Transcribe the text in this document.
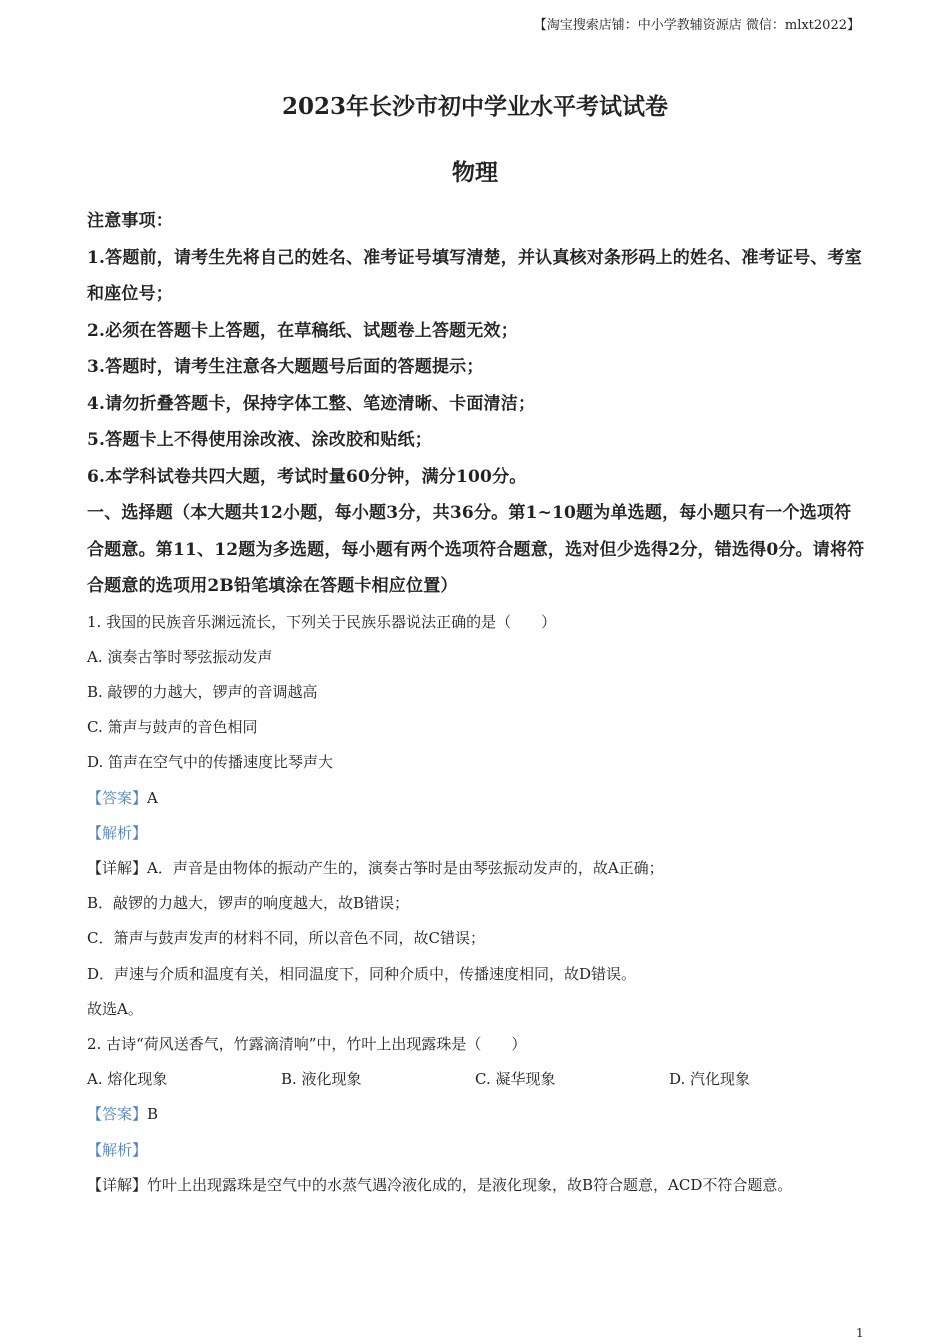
【淘宝搜索店铺：中小学教辅资源店 微信：mlxt2022】
2023年长沙市初中学业水平考试试卷
物理
注意事项：
1.答题前，请考生先将自己的姓名、准考证号填写清楚，并认真核对条形码上的姓名、准考证号、考室和座位号；
2.必须在答题卡上答题，在草稿纸、试题卷上答题无效；
3.答题时，请考生注意各大题题号后面的答题提示；
4.请勿折叠答题卡，保持字体工整、笔迹清晰、卡面清洁；
5.答题卡上不得使用涂改液、涂改胶和贴纸；
6.本学科试卷共四大题，考试时量60分钟，满分100分。
一、选择题（本大题共12小题，每小题3分，共36分。第1~10题为单选题，每小题只有一个选项符合题意。第11、12题为多选题，每小题有两个选项符合题意，选对但少选得2分，错选得0分。请将符合题意的选项用2B铅笔填涂在答题卡相应位置）
1. 我国的民族音乐渊远流长，下列关于民族乐器说法正确的是（　　）
A. 演奏古筝时琴弦振动发声
B. 敲锣的力越大，锣声的音调越高
C. 箫声与鼓声的音色相同
D. 笛声在空气中的传播速度比琴声大
【答案】A
【解析】
【详解】A．声音是由物体的振动产生的，演奏古筝时是由琴弦振动发声的，故A正确；
B．敲锣的力越大，锣声的响度越大，故B错误；
C．箫声与鼓声发声的材料不同，所以音色不同，故C错误；
D．声速与介质和温度有关，相同温度下，同种介质中，传播速度相同，故D错误。
故选A。
2. 古诗“荷风送香气，竹露滴清响”中，竹叶上出现露珠是（　　）
A. 熔化现象	B. 液化现象	C. 凝华现象	D. 汽化现象
【答案】B
【解析】
【详解】竹叶上出现露珠是空气中的水蒸气遇冷液化成的，是液化现象，故B符合题意，ACD不符合题意。
1
